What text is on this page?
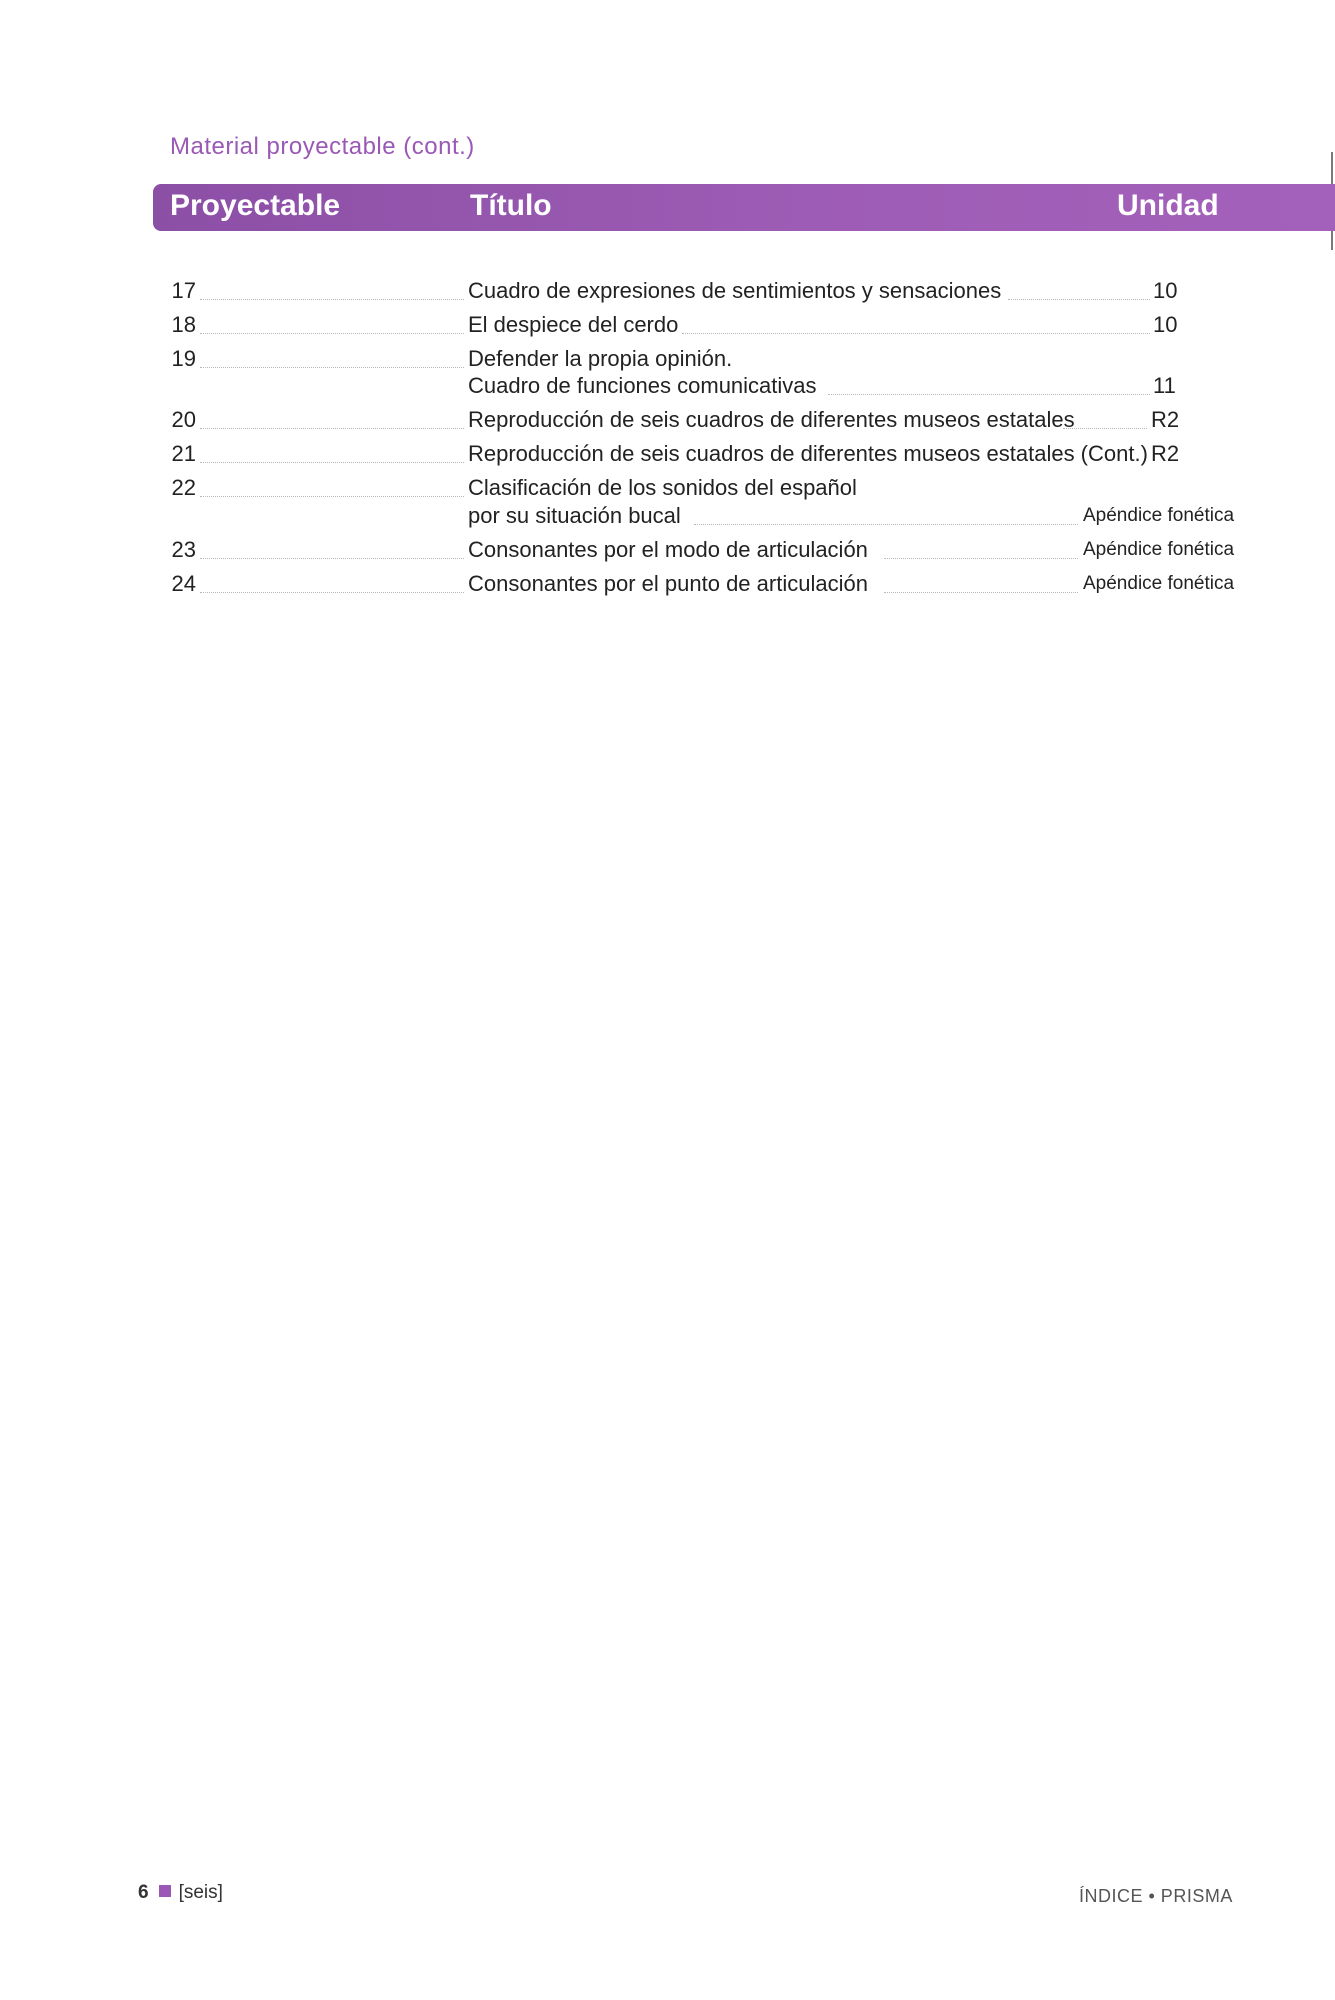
Material proyectable (cont.)
Proyectable	Título	Unidad
17	Cuadro de expresiones de sentimientos y sensaciones	10
18	El despiece del cerdo	10
19	Defender la propia opinión.
Cuadro de funciones comunicativas	11
20	Reproducción de seis cuadros de diferentes museos estatales	R2
21	Reproducción de seis cuadros de diferentes museos estatales (Cont.) R2
22	Clasificación de los sonidos del español
por su situación bucal	Apéndice fonética
23	Consonantes por el modo de articulación	Apéndice fonética
24	Consonantes por el punto de articulación	Apéndice fonética
6 [seis]	ÍNDICE • PRISMA
